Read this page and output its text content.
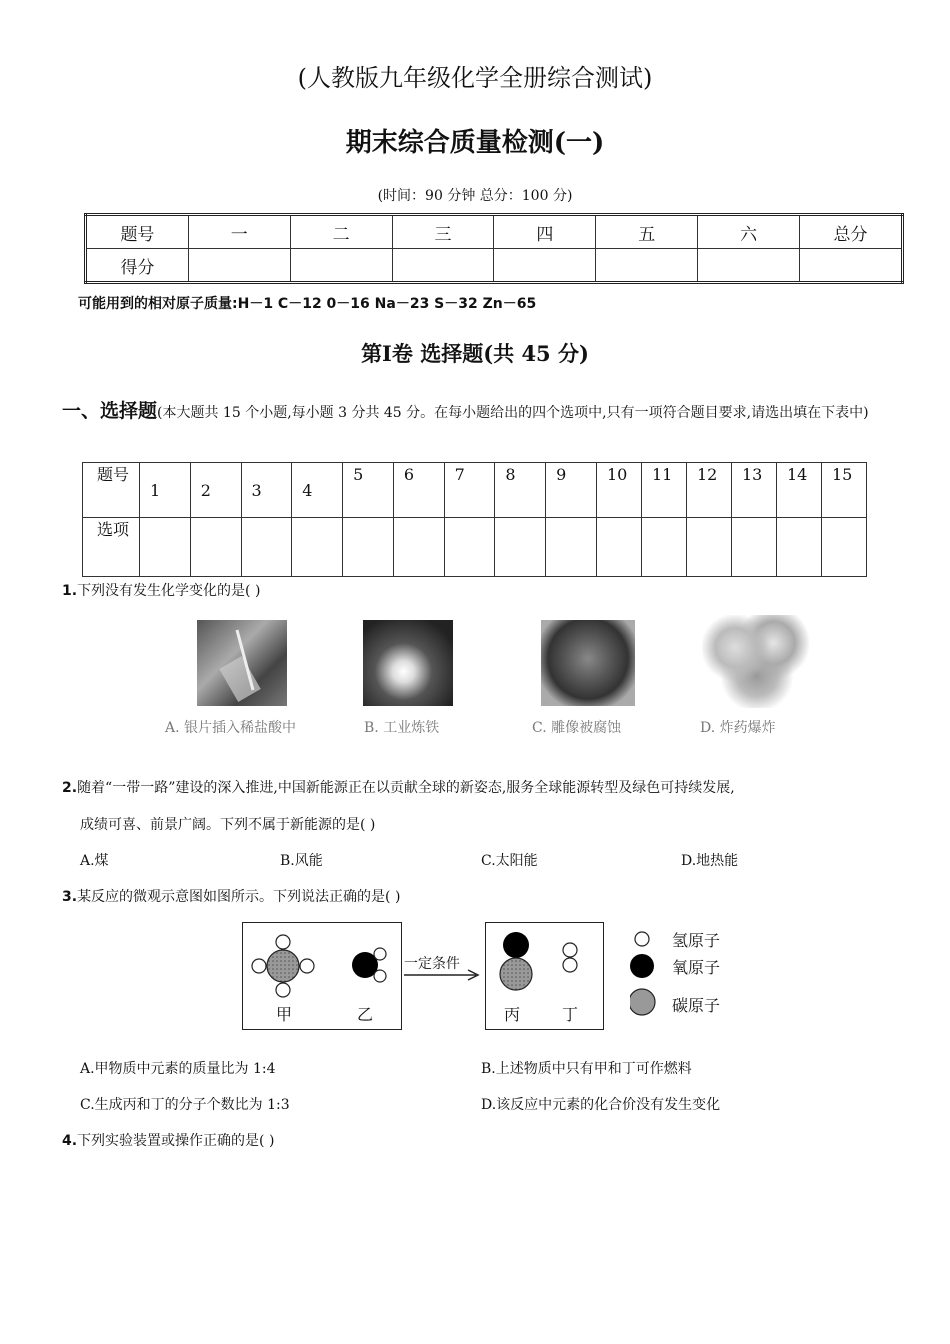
(人教版九年级化学全册综合测试)
期末综合质量检测(一)
(时间：90 分钟 总分：100 分)
题号	一	二	三	四	五	六	总分
得分							
可能用到的相对原子质量:H－1 C－12 0－16 Na－23 S－32 Zn－65
第Ⅰ卷 选择题(共 45 分)
一、选择题(本大题共 15 个小题,每小题 3 分共 45 分。在每小题给出的四个选项中,只有一项符合题目要求,请选出填在下表中)
题号	1	2	3	4	5	6	7	8	9	10	11	12	13	14	15
选项															
1.下列没有发生化学变化的是( )
A. 银片插入稀盐酸中	B. 工业炼铁	C. 雕像被腐蚀	D. 炸药爆炸
2.随着“一带一路”建设的深入推进,中国新能源正在以贡献全球的新姿态,服务全球能源转型及绿色可持续发展,
成绩可喜、前景广阔。下列不属于新能源的是( )
A.煤	B.风能	C.太阳能	D.地热能
3.某反应的微观示意图如图所示。下列说法正确的是( )
甲	乙
一定条件
丙	丁
氢原子
氧原子
碳原子
A.甲物质中元素的质量比为 1:4	B.上述物质中只有甲和丁可作燃料
C.生成丙和丁的分子个数比为 1:3	D.该反应中元素的化合价没有发生变化
4.下列实验装置或操作正确的是( )
